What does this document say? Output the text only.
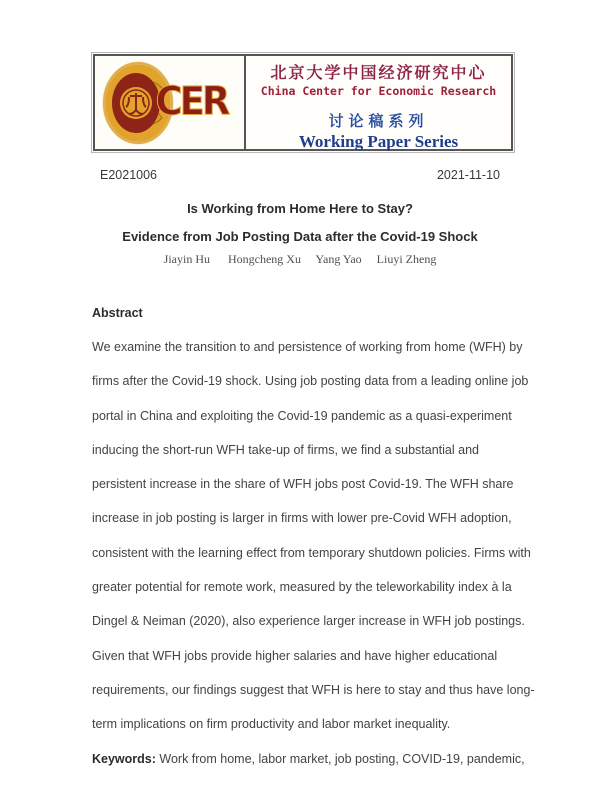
CER
北京大学中国经济研究中心
China Center for Economic Research
讨论稿系列
Working Paper Series
E2021006	2021-11-10
Is Working from Home Here to Stay?
Evidence from Job Posting Data after the Covid-19 Shock
Jiayin Hu      Hongcheng Xu     Yang Yao     Liuyi Zheng
Abstract
We examine the transition to and persistence of working from home (WFH) by
firms after the Covid-19 shock. Using job posting data from a leading online job
portal in China and exploiting the Covid-19 pandemic as a quasi-experiment
inducing the short-run WFH take-up of firms, we find a substantial and
persistent increase in the share of WFH jobs post Covid-19. The WFH share
increase in job posting is larger in firms with lower pre-Covid WFH adoption,
consistent with the learning effect from temporary shutdown policies. Firms with
greater potential for remote work, measured by the teleworkability index à la
Dingel & Neiman (2020), also experience larger increase in WFH job postings.
Given that WFH jobs provide higher salaries and have higher educational
requirements, our findings suggest that WFH is here to stay and thus have long-
term implications on firm productivity and labor market inequality.
Keywords: Work from home, labor market, job posting, COVID-19, pandemic,
